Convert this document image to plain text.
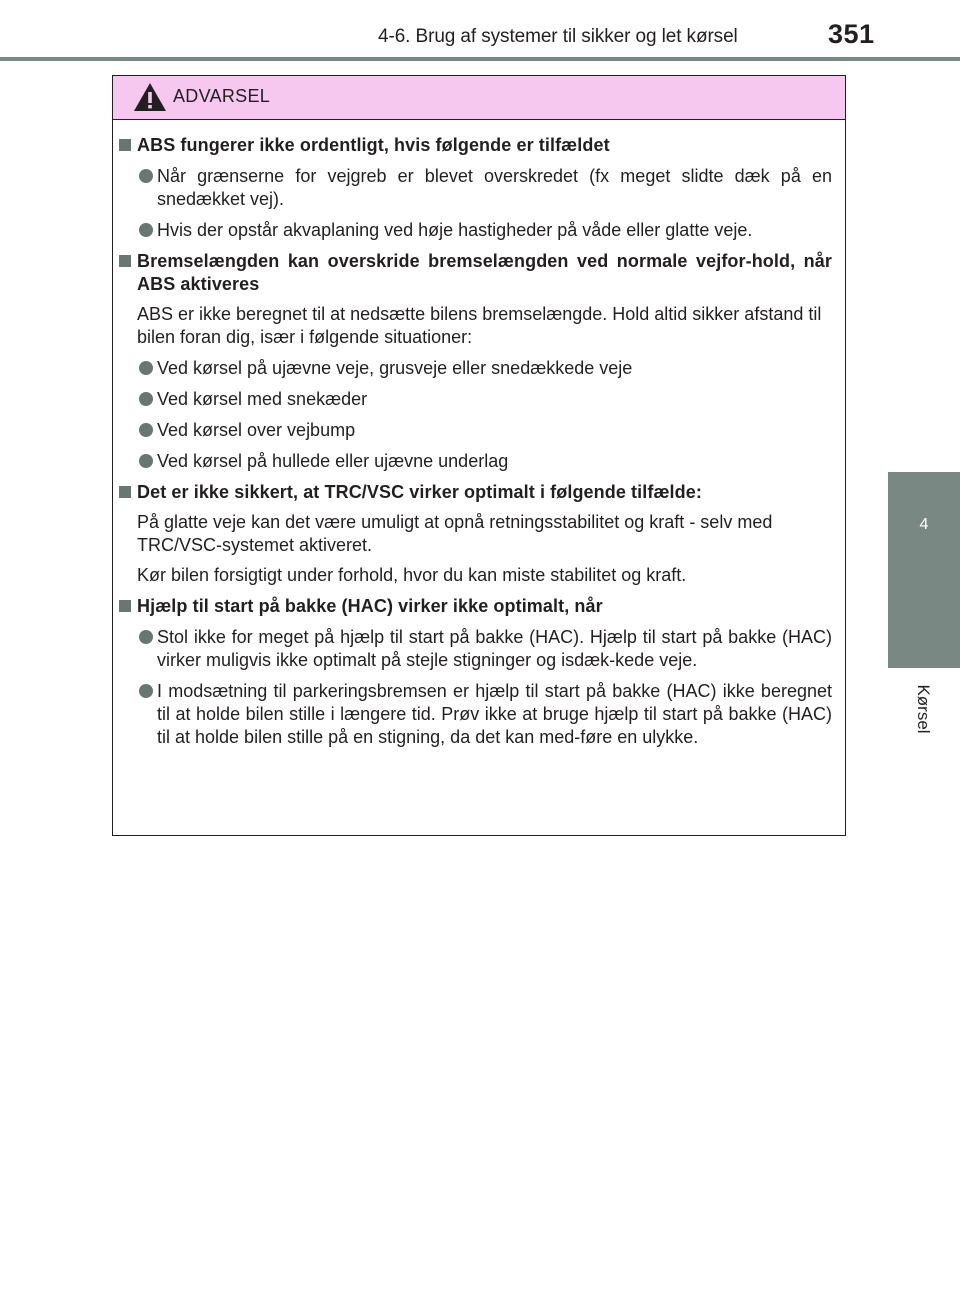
4-6. Brug af systemer til sikker og let kørsel	351
4
Kørsel
ADVARSEL
ABS fungerer ikke ordentligt, hvis følgende er tilfældet
Når grænserne for vejgreb er blevet overskredet (fx meget slidte dæk på en snedækket vej).
Hvis der opstår akvaplaning ved høje hastigheder på våde eller glatte veje.
Bremselængden kan overskride bremselængden ved normale vejfor-hold, når ABS aktiveres
ABS er ikke beregnet til at nedsætte bilens bremselængde. Hold altid sikker afstand til bilen foran dig, især i følgende situationer:
Ved kørsel på ujævne veje, grusveje eller snedækkede veje
Ved kørsel med snekæder
Ved kørsel over vejbump
Ved kørsel på hullede eller ujævne underlag
Det er ikke sikkert, at TRC/VSC virker optimalt i følgende tilfælde:
På glatte veje kan det være umuligt at opnå retningsstabilitet og kraft - selv med TRC/VSC-systemet aktiveret.
Kør bilen forsigtigt under forhold, hvor du kan miste stabilitet og kraft.
Hjælp til start på bakke (HAC) virker ikke optimalt, når
Stol ikke for meget på hjælp til start på bakke (HAC). Hjælp til start på bakke (HAC) virker muligvis ikke optimalt på stejle stigninger og isdæk-kede veje.
I modsætning til parkeringsbremsen er hjælp til start på bakke (HAC) ikke beregnet til at holde bilen stille i længere tid. Prøv ikke at bruge hjælp til start på bakke (HAC) til at holde bilen stille på en stigning, da det kan med-føre en ulykke.
